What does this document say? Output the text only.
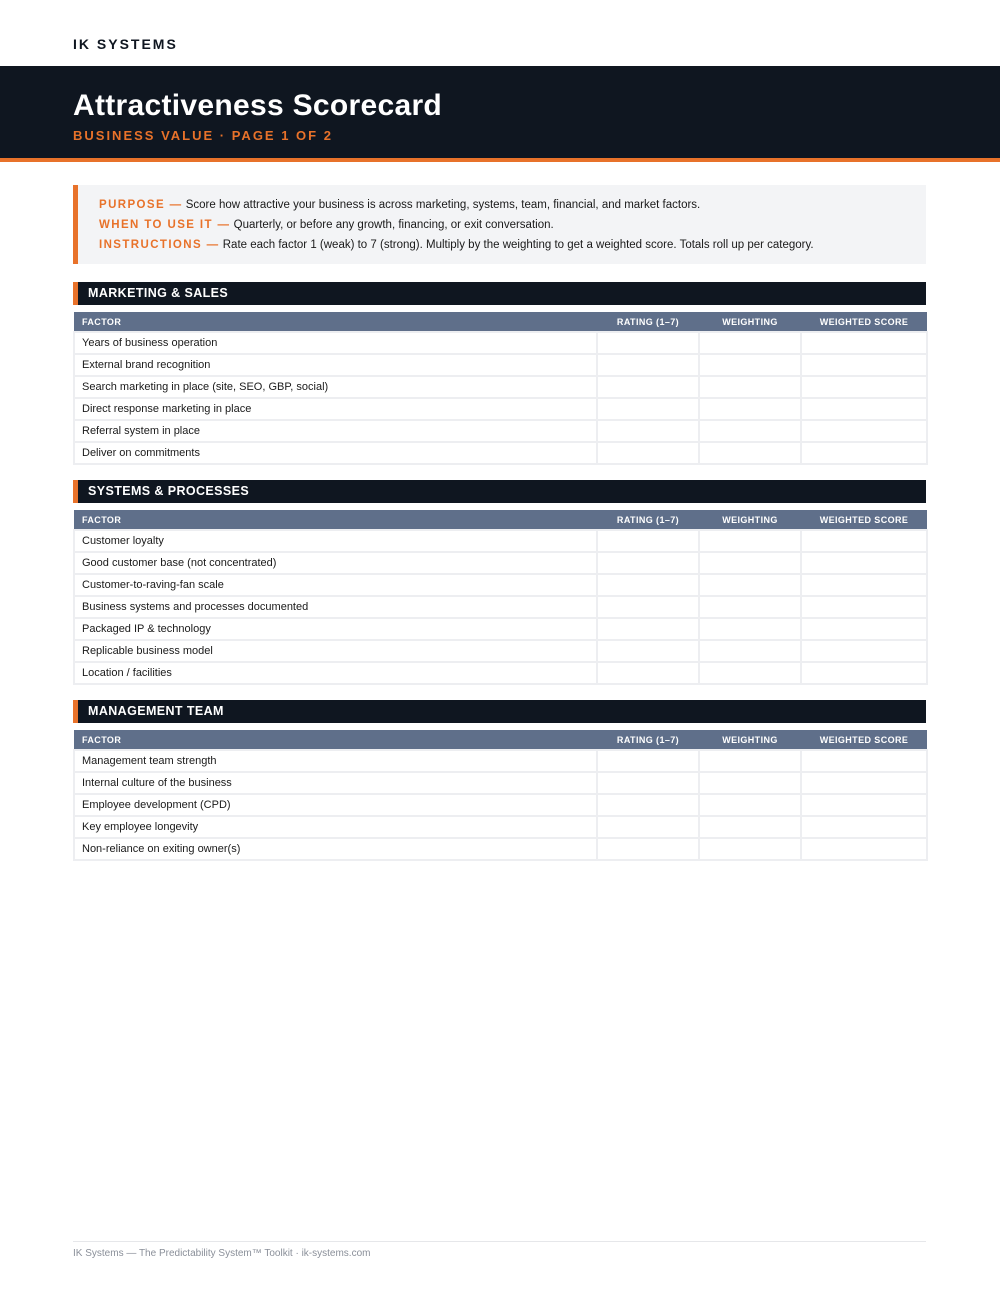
IK SYSTEMS
Attractiveness Scorecard
BUSINESS VALUE · PAGE 1 OF 2
PURPOSE — Score how attractive your business is across marketing, systems, team, financial, and market factors.
WHEN TO USE IT — Quarterly, or before any growth, financing, or exit conversation.
INSTRUCTIONS — Rate each factor 1 (weak) to 7 (strong). Multiply by the weighting to get a weighted score. Totals roll up per category.
MARKETING & SALES
FACTOR	RATING (1–7)	WEIGHTING	WEIGHTED SCORE
Years of business operation			
External brand recognition			
Search marketing in place (site, SEO, GBP, social)			
Direct response marketing in place			
Referral system in place			
Deliver on commitments			
SYSTEMS & PROCESSES
FACTOR	RATING (1–7)	WEIGHTING	WEIGHTED SCORE
Customer loyalty			
Good customer base (not concentrated)			
Customer-to-raving-fan scale			
Business systems and processes documented			
Packaged IP & technology			
Replicable business model			
Location / facilities			
MANAGEMENT TEAM
FACTOR	RATING (1–7)	WEIGHTING	WEIGHTED SCORE
Management team strength			
Internal culture of the business			
Employee development (CPD)			
Key employee longevity			
Non-reliance on exiting owner(s)			
IK Systems — The Predictability System™ Toolkit · ik-systems.com
